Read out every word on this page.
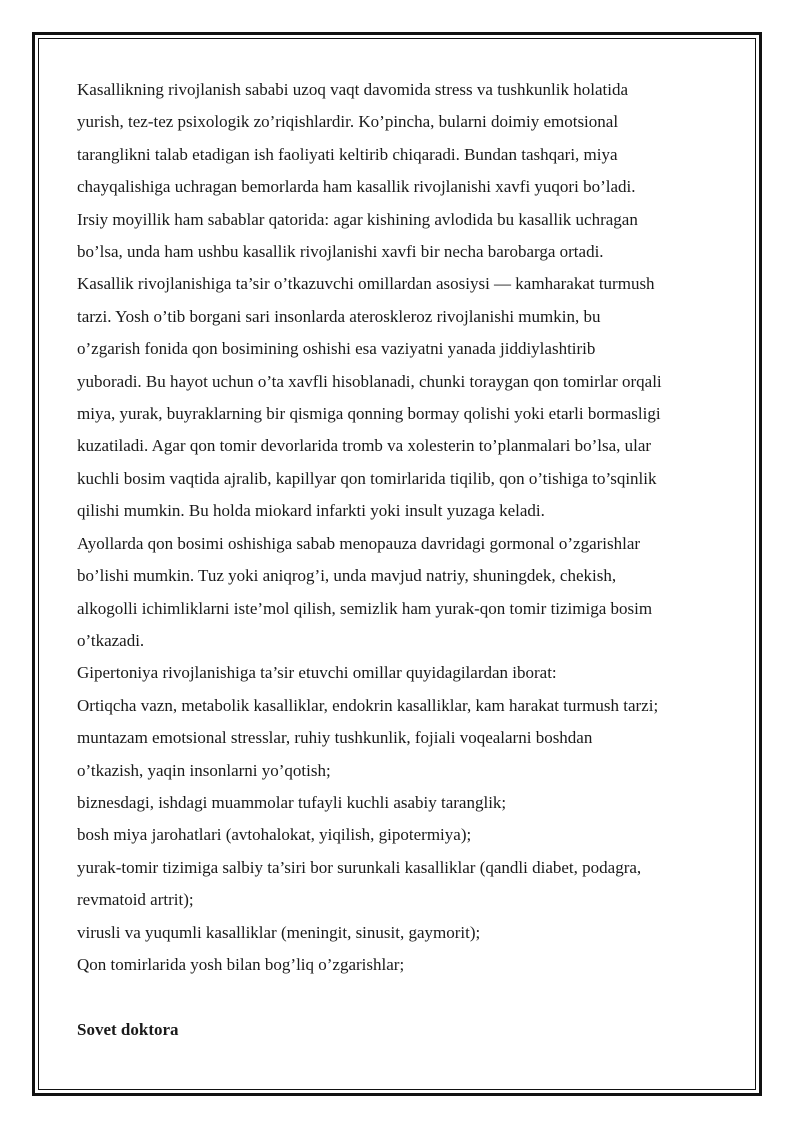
Kasallikning rivojlanish sababi uzoq vaqt davomida stress va tushkunlik holatida
yurish, tez-tez psixologik zo’riqishlardir. Ko’pincha, bularni doimiy emotsional
taranglikni talab etadigan ish faoliyati keltirib chiqaradi. Bundan tashqari, miya
chayqalishiga uchragan bemorlarda ham kasallik rivojlanishi xavfi yuqori bo’ladi.
Irsiy moyillik ham sabablar qatorida: agar kishining avlodida bu kasallik uchragan
bo’lsa, unda ham ushbu kasallik rivojlanishi xavfi bir necha barobarga ortadi.
Kasallik rivojlanishiga ta’sir o’tkazuvchi omillardan asosiysi — kamharakat turmush
tarzi. Yosh o’tib borgani sari insonlarda ateroskleroz rivojlanishi mumkin, bu
o’zgarish fonida qon bosimining oshishi esa vaziyatni yanada jiddiylashtirib
yuboradi. Bu hayot uchun o’ta xavfli hisoblanadi, chunki toraygan qon tomirlar orqali
miya, yurak, buyraklarning bir qismiga qonning bormay qolishi yoki etarli bormasligi
kuzatiladi. Agar qon tomir devorlarida tromb va xolesterin to’planmalari bo’lsa, ular
kuchli bosim vaqtida ajralib, kapillyar qon tomirlarida tiqilib, qon o’tishiga to’sqinlik
qilishi mumkin. Bu holda miokard infarkti yoki insult yuzaga keladi.
Ayollarda qon bosimi oshishiga sabab menopauza davridagi gormonal o’zgarishlar
bo’lishi mumkin. Tuz yoki aniqrog’i, unda mavjud natriy, shuningdek, chekish,
alkogolli ichimliklarni iste’mol qilish, semizlik ham yurak-qon tomir tizimiga bosim
o’tkazadi.
Gipertoniya rivojlanishiga ta’sir etuvchi omillar quyidagilardan iborat:
Ortiqcha vazn, metabolik kasalliklar, endokrin kasalliklar, kam harakat turmush tarzi;
muntazam emotsional stresslar, ruhiy tushkunlik, fojiali voqealarni boshdan
o’tkazish, yaqin insonlarni yo’qotish;
biznesdagi, ishdagi muammolar tufayli kuchli asabiy taranglik;
bosh miya jarohatlari (avtohalokat, yiqilish, gipotermiya);
yurak-tomir tizimiga salbiy ta’siri bor surunkali kasalliklar (qandli diabet, podagra,
revmatoid artrit);
virusli va yuqumli kasalliklar (meningit, sinusit, gaymorit);
Qon tomirlarida yosh bilan bog’liq o’zgarishlar;
Sovet doktora
